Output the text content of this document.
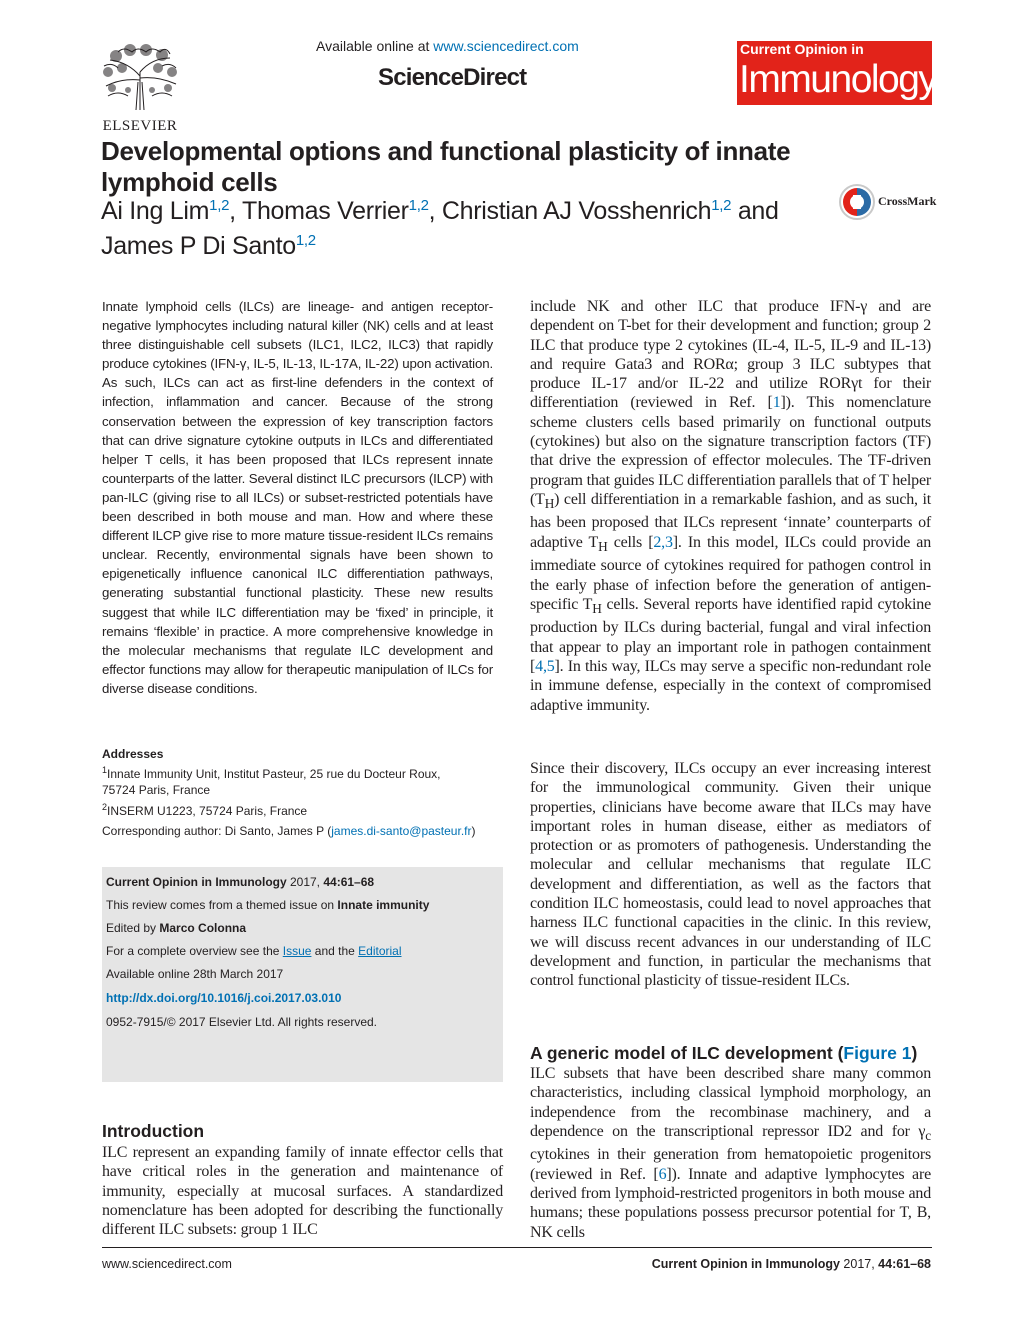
ELSEVIER
Available online at www.sciencedirect.com
ScienceDirect
Current Opinion in
Immunology
Developmental options and functional plasticity of innate lymphoid cells
Ai Ing Lim$^{1,2}$, Thomas Verrier$^{1,2}$, Christian AJ Vosshenrich$^{1,2}$ and
James P Di Santo$^{1,2}$
CrossMark
Innate lymphoid cells (ILCs) are lineage- and antigen receptor-negative lymphocytes including natural killer (NK) cells and at least three distinguishable cell subsets (ILC1, ILC2, ILC3) that rapidly produce cytokines (IFN-γ, IL-5, IL-13, IL-17A, IL-22) upon activation. As such, ILCs can act as first-line defenders in the context of infection, inflammation and cancer. Because of the strong conservation between the expression of key transcription factors that can drive signature cytokine outputs in ILCs and differentiated helper T cells, it has been proposed that ILCs represent innate counterparts of the latter. Several distinct ILC precursors (ILCP) with pan-ILC (giving rise to all ILCs) or subset-restricted potentials have been described in both mouse and man. How and where these different ILCP give rise to more mature tissue-resident ILCs remains unclear. Recently, environmental signals have been shown to epigenetically influence canonical ILC differentiation pathways, generating substantial functional plasticity. These new results suggest that while ILC differentiation may be ‘fixed’ in principle, it remains ‘flexible’ in practice. A more comprehensive knowledge in the molecular mechanisms that regulate ILC development and effector functions may allow for therapeutic manipulation of ILCs for diverse disease conditions.
Addresses
$^1$Innate Immunity Unit, Institut Pasteur, 25 rue du Docteur Roux,
75724 Paris, France
$^2$INSERM U1223, 75724 Paris, France
Corresponding author: Di Santo, James P (james.di-santo@pasteur.fr)
Current Opinion in Immunology 2017, 44:61–68
This review comes from a themed issue on Innate immunity
Edited by Marco Colonna
For a complete overview see the Issue and the Editorial
Available online 28th March 2017
http://dx.doi.org/10.1016/j.coi.2017.03.010
0952-7915/© 2017 Elsevier Ltd. All rights reserved.
Introduction
ILC represent an expanding family of innate effector cells that have critical roles in the generation and maintenance of immunity, especially at mucosal surfaces. A standardized nomenclature has been adopted for describing the functionally different ILC subsets: group 1 ILC
include NK and other ILC that produce IFN-γ and are dependent on T-bet for their development and function; group 2 ILC that produce type 2 cytokines (IL-4, IL-5, IL-9 and IL-13) and require Gata3 and RORα; group 3 ILC subtypes that produce IL-17 and/or IL-22 and utilize RORγt for their differentiation (reviewed in Ref. [1]). This nomenclature scheme clusters cells based primarily on functional outputs (cytokines) but also on the signature transcription factors (TF) that drive the expression of effector molecules. The TF-driven program that guides ILC differentiation parallels that of T helper $(T_H)$ cell differentiation in a remarkable fashion, and as such, it has been proposed that ILCs represent ‘innate’ counterparts of adaptive $T_H$ cells [2,3]. In this model, ILCs could provide an immediate source of cytokines required for pathogen control in the early phase of infection before the generation of antigen-specific $T_H$ cells. Several reports have identified rapid cytokine production by ILCs during bacterial, fungal and viral infection that appear to play an important role in pathogen containment [4,5]. In this way, ILCs may serve a specific non-redundant role in immune defense, especially in the context of compromised adaptive immunity.
Since their discovery, ILCs occupy an ever increasing interest for the immunological community. Given their unique properties, clinicians have become aware that ILCs may have important roles in human disease, either as mediators of protection or as promoters of pathogenesis. Understanding the molecular and cellular mechanisms that regulate ILC development and differentiation, as well as the factors that condition ILC homeostasis, could lead to novel approaches that harness ILC functional capacities in the clinic. In this review, we will discuss recent advances in our understanding of ILC development and function, in particular the mechanisms that control functional plasticity of tissue-resident ILCs.
A generic model of ILC development (Figure 1)
ILC subsets that have been described share many common characteristics, including classical lymphoid morphology, an independence from the recombinase machinery, and a dependence on the transcriptional repressor ID2 and for $\gamma_c$ cytokines in their generation from hematopoietic progenitors (reviewed in Ref. [6]). Innate and adaptive lymphocytes are derived from lymphoid-restricted progenitors in both mouse and humans; these populations possess precursor potential for T, B, NK cells
www.sciencedirect.com	Current Opinion in Immunology 2017, 44:61–68
